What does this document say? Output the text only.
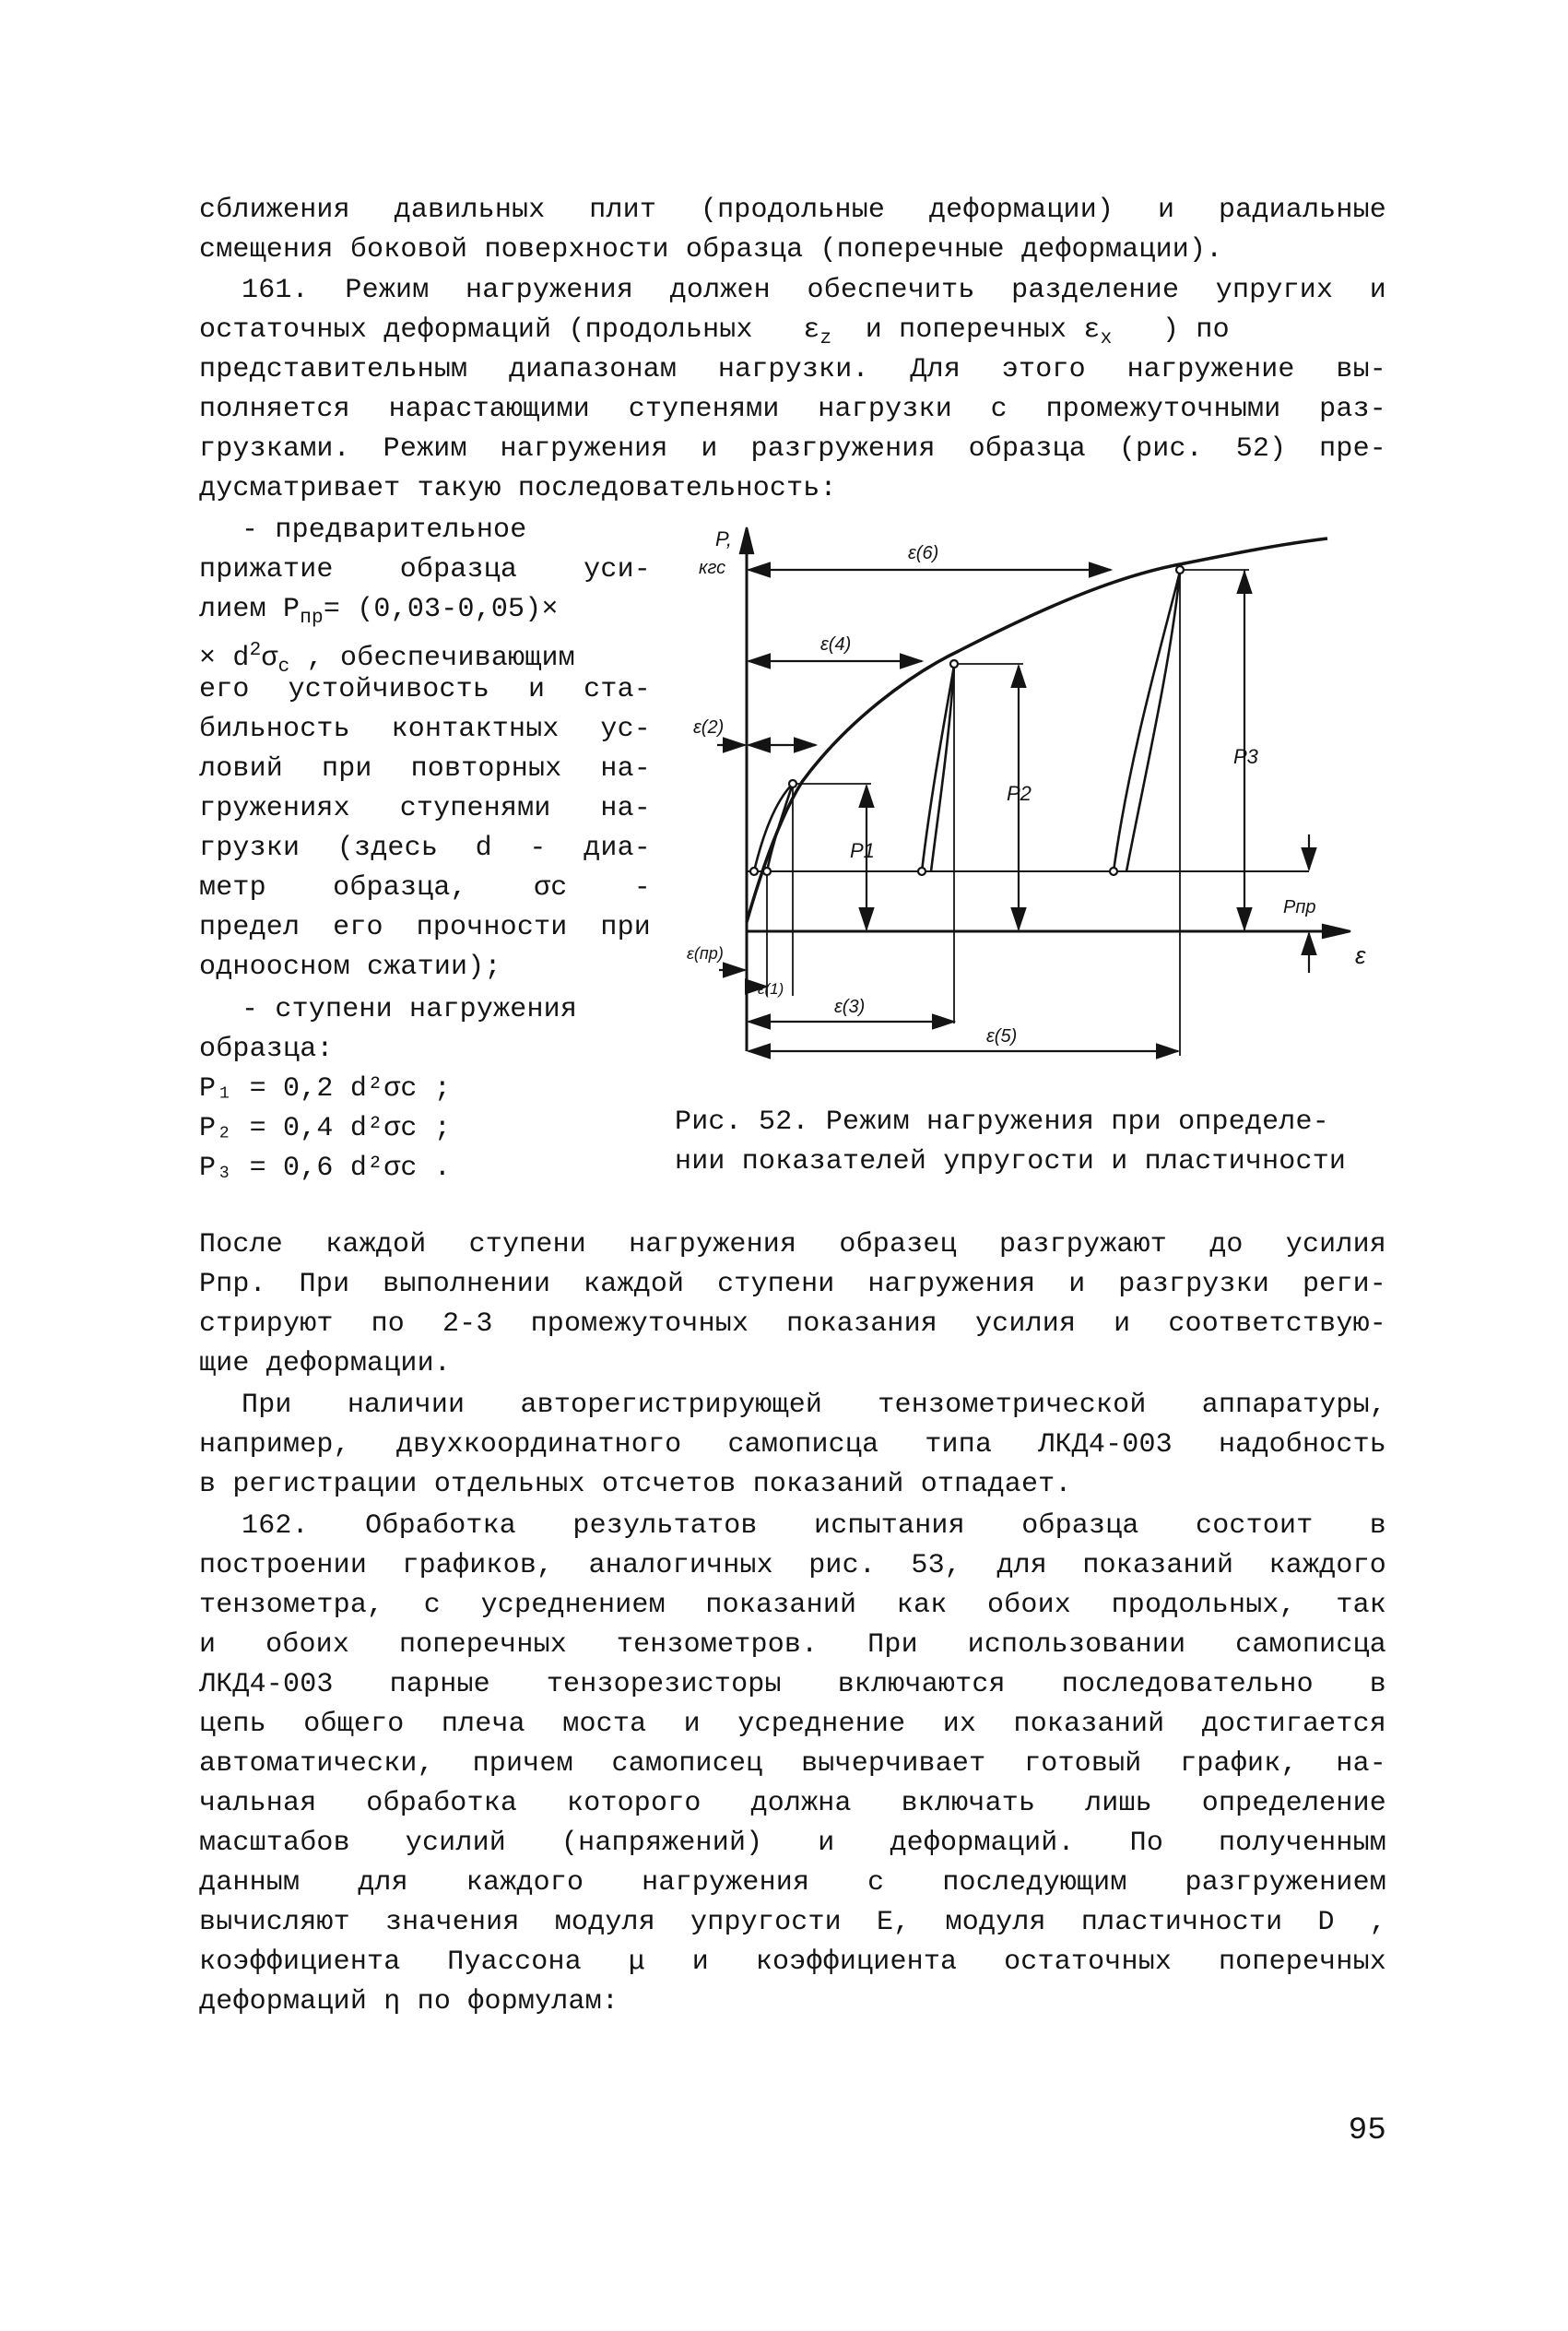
сближения давильных плит (продольные деформации) и радиальные
смещения боковой поверхности образца (поперечные деформации).
161. Режим нагружения должен обеспечить разделение упругих и
остаточных деформаций (продольных $\varepsilon_z$ и поперечных $\varepsilon_x$ ) по
представительным диапазонам нагрузки. Для этого нагружение вы-
полняется нарастающими ступенями нагрузки с промежуточными раз-
грузками. Режим нагружения и разгружения образца (рис. 52) пре-
дусматривает такую последовательность:
- предварительное
прижатие образца уси-
лием $P_{пр}= (0,03-0,05)\times$
× $d^2\sigma_с$ , обеспечивающим
его устойчивость и ста-
бильность контактных ус-
ловий при повторных на-
гружениях ступенями на-
грузки (здесь d - диа-
метр образца, σс -
предел его прочности при
одноосном сжатии);
- ступени нагружения
образца:
P₁ = 0,2 d²σс ;
P₂ = 0,4 d²σс ;
P₃ = 0,6 d²σс .
P,
кгс
ε
ε(6)
ε(4)
ε(2)
ε(пр)
ε(1)
ε(3)
ε(5)
P1
P2
P3
Pпр
Рис. 52. Режим нагружения при определе-
нии показателей упругости и пластичности
После каждой ступени нагружения образец разгружают до усилия
Pпр. При выполнении каждой ступени нагружения и разгрузки реги-
стрируют по 2-3 промежуточных показания усилия и соответствую-
щие деформации.
При наличии авторегистрирующей тензометрической аппаратуры,
например, двухкоординатного самописца типа ЛКД4-003 надобность
в регистрации отдельных отсчетов показаний отпадает.
162. Обработка результатов испытания образца состоит в
построении графиков, аналогичных рис. 53, для показаний каждого
тензометра, с усреднением показаний как обоих продольных, так
и обоих поперечных тензометров. При использовании самописца
ЛКД4-003 парные тензорезисторы включаются последовательно в
цепь общего плеча моста и усреднение их показаний достигается
автоматически, причем самописец вычерчивает готовый график, на-
чальная обработка которого должна включать лишь определение
масштабов усилий (напряжений) и деформаций. По полученным
данным для каждого нагружения с последующим разгружением
вычисляют значения модуля упругости E, модуля пластичности D ,
коэффициента Пуассона μ и коэффициента остаточных поперечных
деформаций η по формулам:
95
